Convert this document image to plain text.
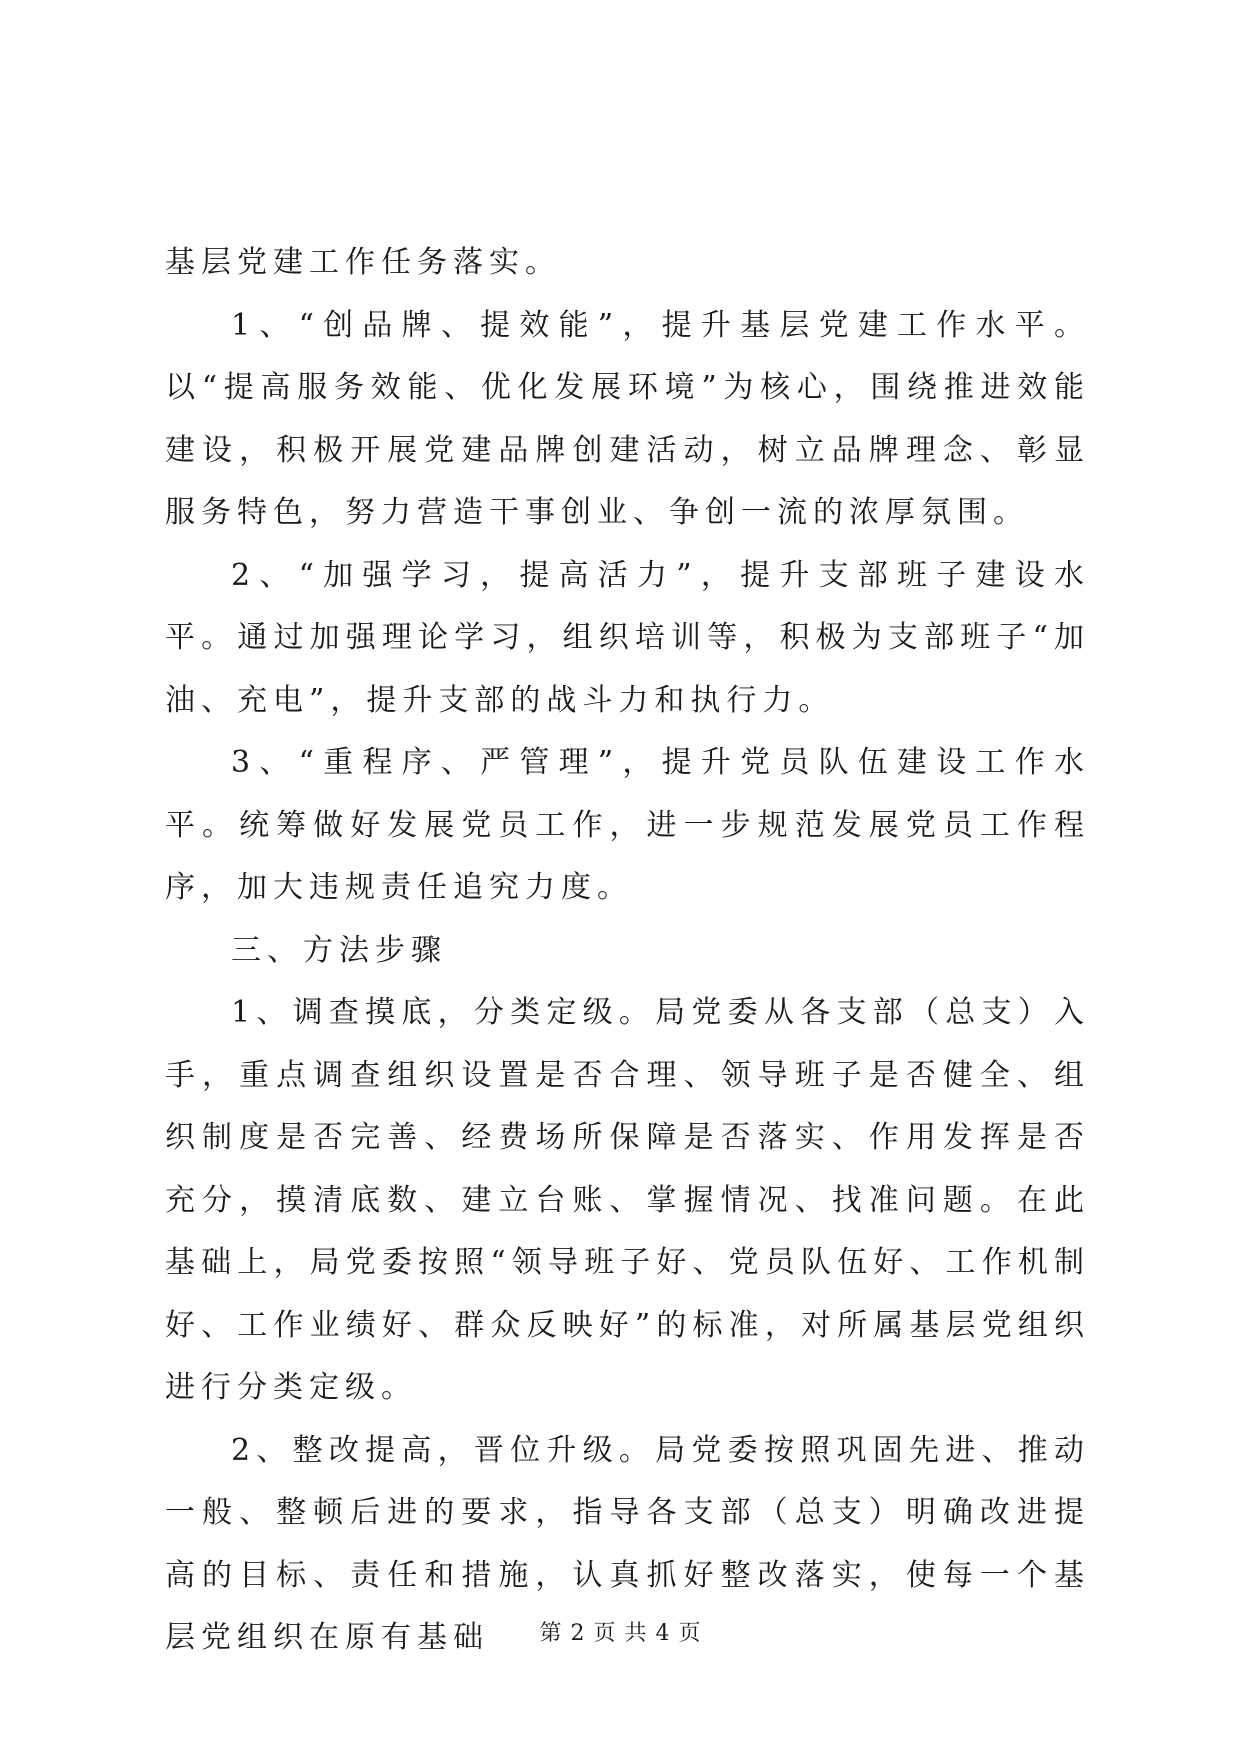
基层党建工作任务落实。

1、“创品牌、提效能”，提升基层党建工作水平。以“提高服务效能、优化发展环境”为核心，围绕推进效能建设，积极开展党建品牌创建活动，树立品牌理念、彰显服务特色，努力营造干事创业、争创一流的浓厚氛围。

2、“加强学习，提高活力”，提升支部班子建设水平。通过加强理论学习，组织培训等，积极为支部班子“加油、充电”，提升支部的战斗力和执行力。

3、“重程序、严管理”，提升党员队伍建设工作水平。统筹做好发展党员工作，进一步规范发展党员工作程序，加大违规责任追究力度。

三、方法步骤

1、调查摸底，分类定级。局党委从各支部（总支）入手，重点调查组织设置是否合理、领导班子是否健全、组织制度是否完善、经费场所保障是否落实、作用发挥是否充分，摸清底数、建立台账、掌握情况、找准问题。在此基础上，局党委按照“领导班子好、党员队伍好、工作机制好、工作业绩好、群众反映好”的标准，对所属基层党组织进行分类定级。

2、整改提高，晋位升级。局党委按照巩固先进、推动一般、整顿后进的要求，指导各支部（总支）明确改进提高的目标、责任和措施，认真抓好整改落实，使每一个基层党组织在原有基础	第 2 页 共 4 页
